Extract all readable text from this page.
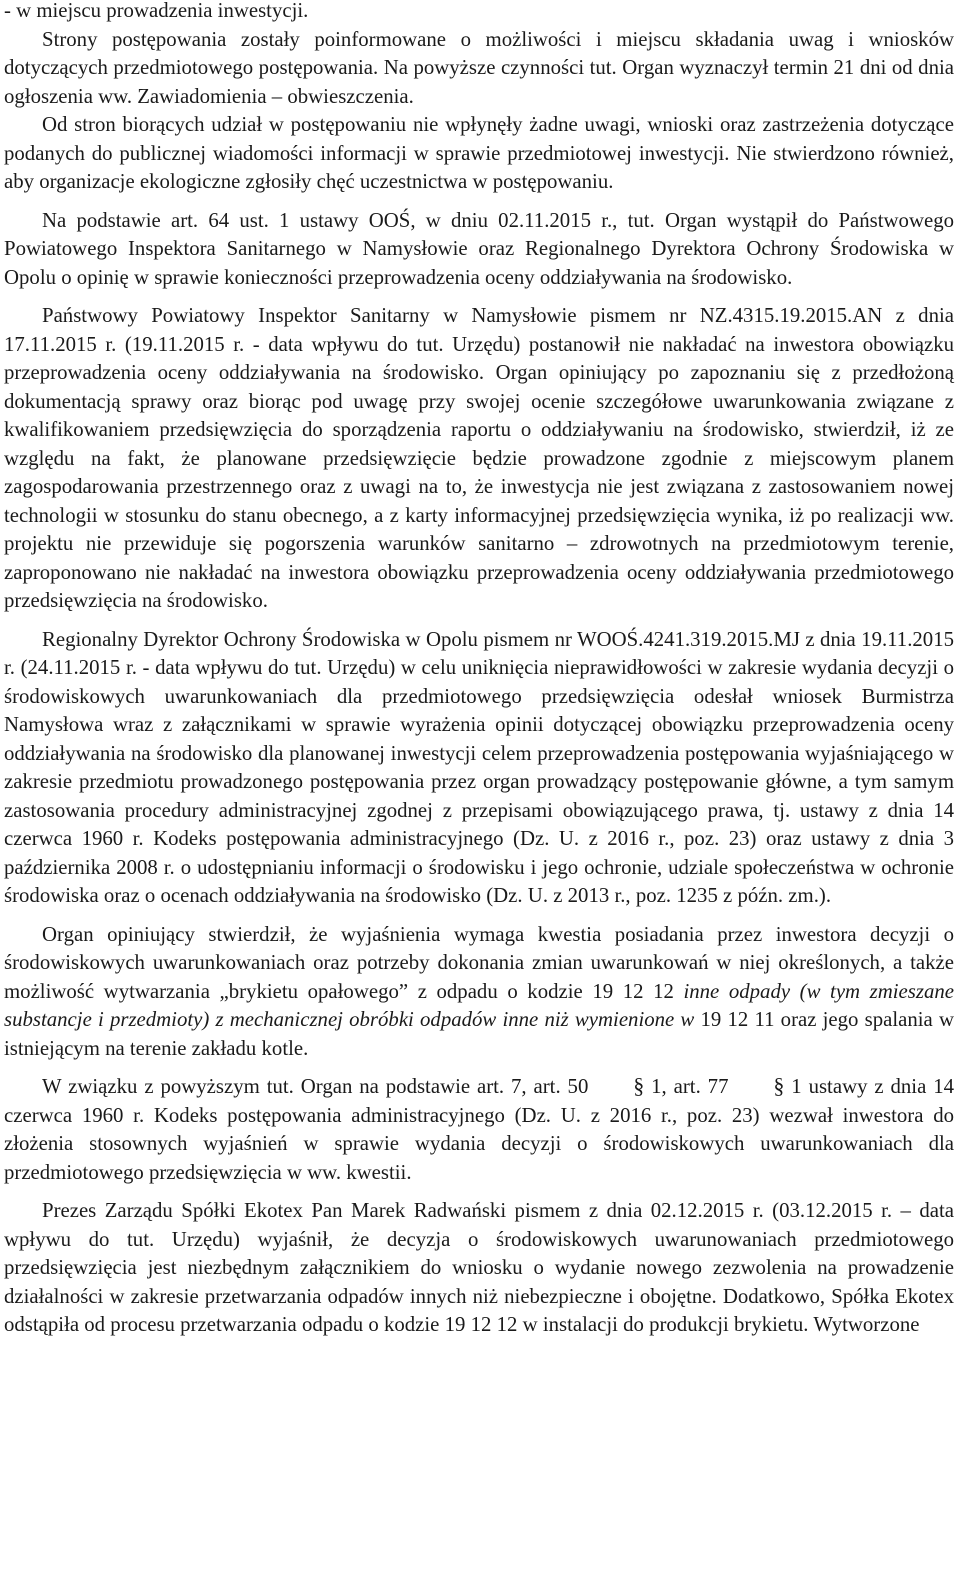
- w miejscu prowadzenia inwestycji.

Strony postępowania zostały poinformowane o możliwości i miejscu składania uwag i wniosków dotyczących przedmiotowego postępowania. Na powyższe czynności tut. Organ wyznaczył termin 21 dni od dnia ogłoszenia ww. Zawiadomienia – obwieszczenia.

Od stron biorących udział w postępowaniu nie wpłynęły żadne uwagi, wnioski oraz zastrzeżenia dotyczące podanych do publicznej wiadomości informacji w sprawie przedmiotowej inwestycji. Nie stwierdzono również, aby organizacje ekologiczne zgłosiły chęć uczestnictwa w postępowaniu.

Na podstawie art. 64 ust. 1 ustawy OOŚ, w dniu 02.11.2015 r., tut. Organ wystąpił do Państwowego Powiatowego Inspektora Sanitarnego w Namysłowie oraz Regionalnego Dyrektora Ochrony Środowiska w Opolu o opinię w sprawie konieczności przeprowadzenia oceny oddziaływania na środowisko.

Państwowy Powiatowy Inspektor Sanitarny w Namysłowie pismem nr NZ.4315.19.2015.AN z dnia 17.11.2015 r. (19.11.2015 r. - data wpływu do tut. Urzędu) postanowił nie nakładać na inwestora obowiązku przeprowadzenia oceny oddziaływania na środowisko. Organ opiniujący po zapoznaniu się z przedłożoną dokumentacją sprawy oraz biorąc pod uwagę przy swojej ocenie szczegółowe uwarunkowania związane z kwalifikowaniem przedsięwzięcia do sporządzenia raportu o oddziaływaniu na środowisko, stwierdził, iż ze względu na fakt, że planowane przedsięwzięcie będzie prowadzone zgodnie z miejscowym planem zagospodarowania przestrzennego oraz z uwagi na to, że inwestycja nie jest związana z zastosowaniem nowej technologii w stosunku do stanu obecnego, a z karty informacyjnej przedsięwzięcia wynika, iż po realizacji ww. projektu nie przewiduje się pogorszenia warunków sanitarno – zdrowotnych na przedmiotowym terenie, zaproponowano nie nakładać na inwestora obowiązku przeprowadzenia oceny oddziaływania przedmiotowego przedsięwzięcia na środowisko.

Regionalny Dyrektor Ochrony Środowiska w Opolu pismem nr WOOŚ.4241.319.2015.MJ z dnia 19.11.2015 r. (24.11.2015 r. - data wpływu do tut. Urzędu) w celu uniknięcia nieprawidłowości w zakresie wydania decyzji o środowiskowych uwarunkowaniach dla przedmiotowego przedsięwzięcia odesłał wniosek Burmistrza Namysłowa wraz z załącznikami w sprawie wyrażenia opinii dotyczącej obowiązku przeprowadzenia oceny oddziaływania na środowisko dla planowanej inwestycji celem przeprowadzenia postępowania wyjaśniającego w zakresie przedmiotu prowadzonego postępowania przez organ prowadzący postępowanie główne, a tym samym zastosowania procedury administracyjnej zgodnej z przepisami obowiązującego prawa, tj. ustawy z dnia 14 czerwca 1960 r. Kodeks postępowania administracyjnego (Dz. U. z 2016 r., poz. 23) oraz ustawy z dnia 3 października 2008 r. o udostępnianiu informacji o środowisku i jego ochronie, udziale społeczeństwa w ochronie środowiska oraz o ocenach oddziaływania na środowisko (Dz. U. z 2013 r., poz. 1235 z późn. zm.).

Organ opiniujący stwierdził, że wyjaśnienia wymaga kwestia posiadania przez inwestora decyzji o środowiskowych uwarunkowaniach oraz potrzeby dokonania zmian uwarunkowań w niej określonych, a także możliwość wytwarzania „brykietu opałowego” z odpadu o kodzie 19 12 12 inne odpady (w tym zmieszane substancje i przedmioty) z mechanicznej obróbki odpadów inne niż wymienione w 19 12 11 oraz jego spalania w istniejącym na terenie zakładu kotle.

W związku z powyższym tut. Organ na podstawie art. 7, art. 50 § 1, art. 77 § 1 ustawy z dnia 14 czerwca 1960 r. Kodeks postępowania administracyjnego (Dz. U. z 2016 r., poz. 23) wezwał inwestora do złożenia stosownych wyjaśnień w sprawie wydania decyzji o środowiskowych uwarunkowaniach dla przedmiotowego przedsięwzięcia w ww. kwestii.

Prezes Zarządu Spółki Ekotex Pan Marek Radwański pismem z dnia 02.12.2015 r. (03.12.2015 r. – data wpływu do tut. Urzędu) wyjaśnił, że decyzja o środowiskowych uwarunowaniach przedmiotowego przedsięwzięcia jest niezbędnym załącznikiem do wniosku o wydanie nowego zezwolenia na prowadzenie działalności w zakresie przetwarzania odpadów innych niż niebezpieczne i obojętne. Dodatkowo, Spółka Ekotex odstąpiła od procesu przetwarzania odpadu o kodzie 19 12 12 w instalacji do produkcji brykietu. Wytworzone
